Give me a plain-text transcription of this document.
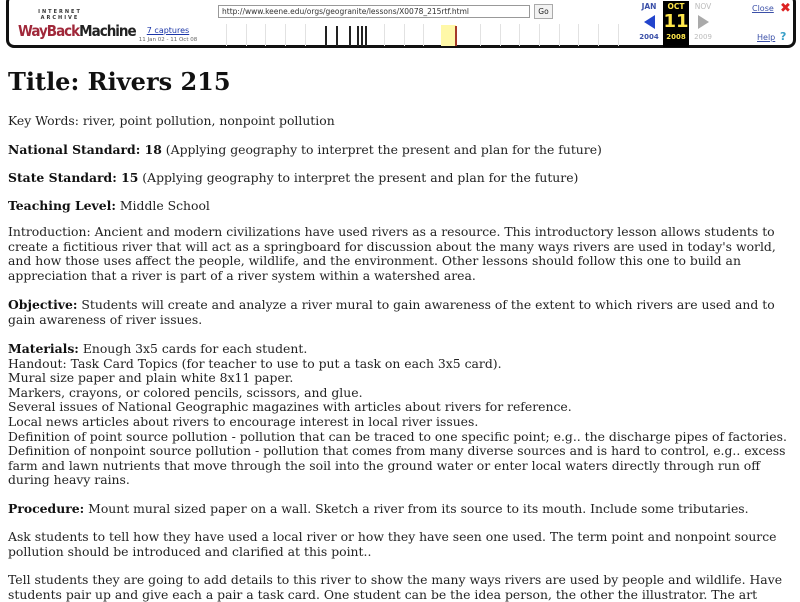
INTERNET ARCHIVE
WayBackMachine	7 captures
11 Jan 02 - 11 Oct 08
http://www.keene.edu/orgs/geogranite/lessons/X0078_215rtf.html	Go
JAN
2004
OCT
11
2008
NOV
2009
Close ✖
Help ?
Title: Rivers 215

Key Words: river, point pollution, nonpoint pollution

National Standard: 18 (Applying geography to interpret the present and plan for the future)

State Standard: 15 (Applying geography to interpret the present and plan for the future)

Teaching Level: Middle School

Introduction: Ancient and modern civilizations have used rivers as a resource. This introductory lesson allows students to
create a fictitious river that will act as a springboard for discussion about the many ways rivers are used in today's world,
and how those uses affect the people, wildlife, and the environment. Other lessons should follow this one to build an
appreciation that a river is part of a river system within a watershed area.

Objective: Students will create and analyze a river mural to gain awareness of the extent to which rivers are used and to
gain awareness of river issues.

Materials: Enough 3x5 cards for each student.
Handout: Task Card Topics (for teacher to use to put a task on each 3x5 card).
Mural size paper and plain white 8x11 paper.
Markers, crayons, or colored pencils, scissors, and glue.
Several issues of National Geographic magazines with articles about rivers for reference.
Local news articles about rivers to encourage interest in local river issues.
Definition of point source pollution - pollution that can be traced to one specific point; e.g.. the discharge pipes of factories.
Definition of nonpoint source pollution - pollution that comes from many diverse sources and is hard to control, e.g.. excess
farm and lawn nutrients that move through the soil into the ground water or enter local waters directly through run off
during heavy rains.

Procedure: Mount mural sized paper on a wall. Sketch a river from its source to its mouth. Include some tributaries.

Ask students to tell how they have used a local river or how they have seen one used. The term point and nonpoint source
pollution should be introduced and clarified at this point..

Tell students they are going to add details to this river to show the many ways rivers are used by people and wildlife. Have
students pair up and give each a pair a task card. One student can be the idea person, the other the illustrator. The art
